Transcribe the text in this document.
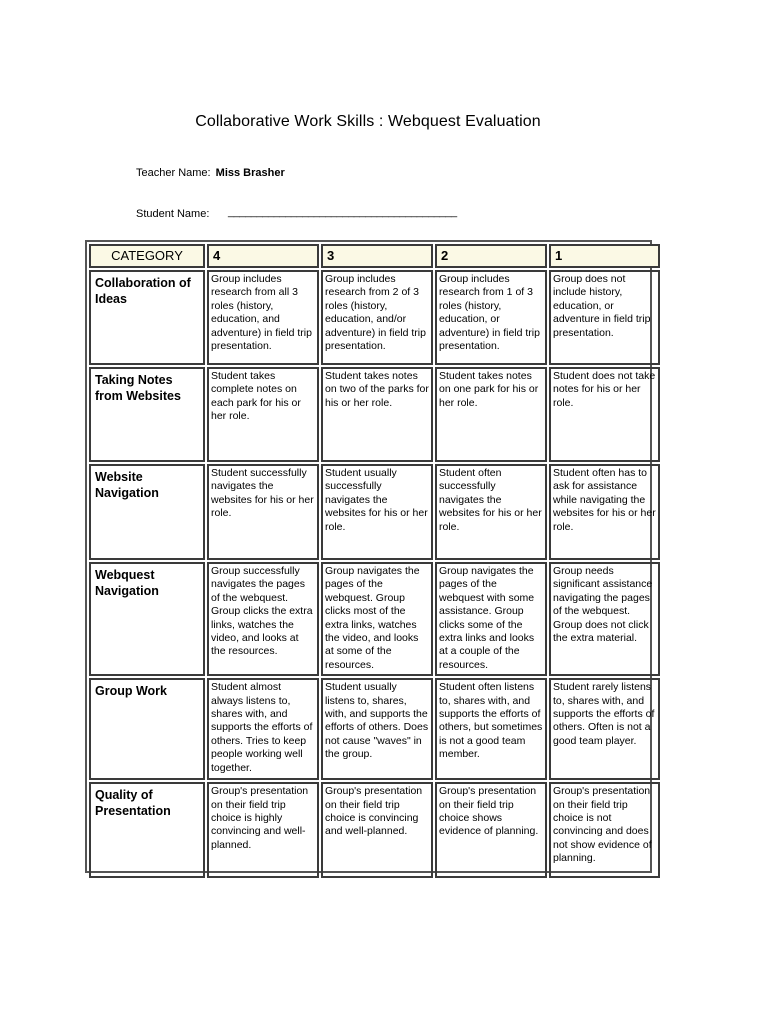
Collaborative Work Skills : Webquest Evaluation
Teacher Name: Miss Brasher
Student Name: ________________________________________
CATEGORY	4	3	2	1
Collaboration of Ideas	Group includes research from all 3 roles (history, education, and adventure) in field trip presentation.	Group includes research from 2 of 3 roles (history, education, and/or adventure) in field trip presentation.	Group includes research from 1 of 3 roles (history, education, or adventure) in field trip presentation.	Group does not include history, education, or adventure in field trip presentation.
Taking Notes from Websites	Student takes complete notes on each park for his or her role.	Student takes notes on two of the parks for his or her role.	Student takes notes on one park for his or her role.	Student does not take notes for his or her role.
Website Navigation	Student successfully navigates the websites for his or her role.	Student usually successfully navigates the websites for his or her role.	Student often successfully navigates the websites for his or her role.	Student often has to ask for assistance while navigating the websites for his or her role.
Webquest Navigation	Group successfully navigates the pages of the webquest. Group clicks the extra links, watches the video, and looks at the resources.	Group navigates the pages of the webquest. Group clicks most of the extra links, watches the video, and looks at some of the resources.	Group navigates the pages of the webquest with some assistance. Group clicks some of the extra links and looks at a couple of the resources.	Group needs significant assistance navigating the pages of the webquest. Group does not click the extra material.
Group Work	Student almost always listens to, shares with, and supports the efforts of others. Tries to keep people working well together.	Student usually listens to, shares, with, and supports the efforts of others. Does not cause "waves" in the group.	Student often listens to, shares with, and supports the efforts of others, but sometimes is not a good team member.	Student rarely listens to, shares with, and supports the efforts of others. Often is not a good team player.
Quality of Presentation	Group's presentation on their field trip choice is highly convincing and well-planned.	Group's presentation on their field trip choice is convincing and well-planned.	Group's presentation on their field trip choice shows evidence of planning.	Group's presentation on their field trip choice is not convincing and does not show evidence of planning.
